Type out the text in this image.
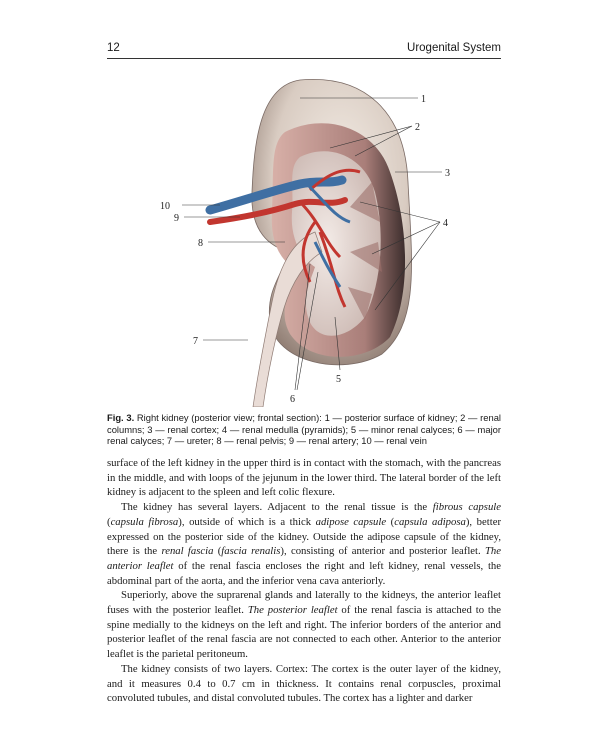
12	Urogenital System
1
2
3
4
5
6
7
8
9
10
Fig. 3. Right kidney (posterior view; frontal section): 1 — posterior surface of kidney; 2 — renal columns; 3 — renal cortex; 4 — renal medulla (pyramids); 5 — minor renal calyces; 6 — major renal calyces; 7 — ureter; 8 — renal pelvis; 9 — renal artery; 10 — renal vein

surface of the left kidney in the upper third is in contact with the stomach, with the pancreas in the middle, and with loops of the jejunum in the lower third. The lateral border of the left kidney is adjacent to the spleen and left colic flexure.

The kidney has several layers. Adjacent to the renal tissue is the fibrous capsule (capsula fibrosa), outside of which is a thick adipose capsule (capsula adiposa), better expressed on the posterior side of the kidney. Outside the adipose capsule of the kidney, there is the renal fascia (fascia renalis), consisting of anterior and posterior leaflet. The anterior leaflet of the renal fascia encloses the right and left kidney, renal vessels, the abdominal part of the aorta, and the inferior vena cava anteriorly.

Superiorly, above the suprarenal glands and laterally to the kidneys, the anterior leaflet fuses with the posterior leaflet. The posterior leaflet of the renal fascia is attached to the spine medially to the kidneys on the left and right. The inferior borders of the anterior and posterior leaflet of the renal fascia are not connected to each other. Anterior to the anterior leaflet is the parietal peritoneum.

The kidney consists of two layers. Cortex: The cortex is the outer layer of the kidney, and it measures 0.4 to 0.7 cm in thickness. It contains renal corpuscles, proximal convoluted tubules, and distal convoluted tubules. The cortex has a lighter and darker
